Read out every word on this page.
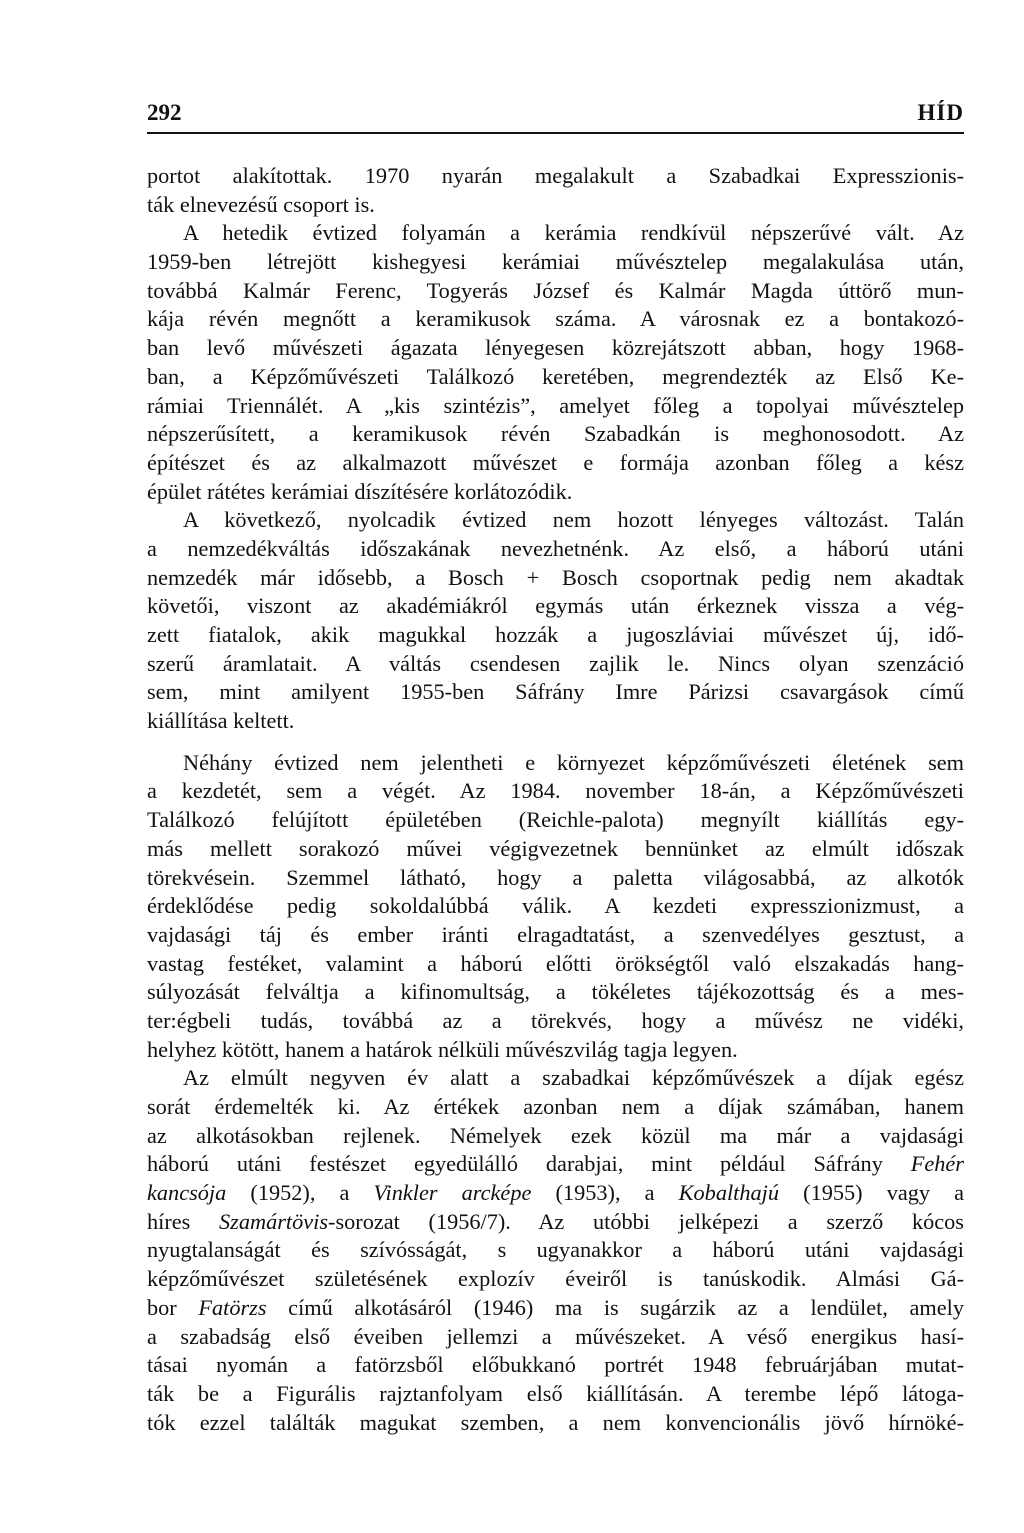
292	HÍD
portot alakítottak. 1970 nyarán megalakult a Szabadkai Expresszionis-
ták elnevezésű csoport is.
A hetedik évtized folyamán a kerámia rendkívül népszerűvé vált. Az
1959-ben létrejött kishegyesi kerámiai művésztelep megalakulása után,
továbbá Kalmár Ferenc, Togyerás József és Kalmár Magda úttörő mun-
kája révén megnőtt a keramikusok száma. A városnak ez a bontakozó-
ban levő művészeti ágazata lényegesen közrejátszott abban, hogy 1968-
ban, a Képzőművészeti Találkozó keretében, megrendezték az Első Ke-
rámiai Triennálét. A „kis szintézis”, amelyet főleg a topolyai művésztelep
népszerűsített, a keramikusok révén Szabadkán is meghonosodott. Az
építészet és az alkalmazott művészet e formája azonban főleg a kész
épület rátétes kerámiai díszítésére korlátozódik.
A következő, nyolcadik évtized nem hozott lényeges változást. Talán
a nemzedékváltás időszakának nevezhetnénk. Az első, a háború utáni
nemzedék már idősebb, a Bosch + Bosch csoportnak pedig nem akadtak
követői, viszont az akadémiákról egymás után érkeznek vissza a vég-
zett fiatalok, akik magukkal hozzák a jugoszláviai művészet új, idő-
szerű áramlatait. A váltás csendesen zajlik le. Nincs olyan szenzáció
sem, mint amilyent 1955-ben Sáfrány Imre Párizsi csavargások című
kiállítása keltett.
Néhány évtized nem jelentheti e környezet képzőművészeti életének sem
a kezdetét, sem a végét. Az 1984. november 18-án, a Képzőművészeti
Találkozó felújított épületében (Reichle-palota) megnyílt kiállítás egy-
más mellett sorakozó művei végigvezetnek bennünket az elmúlt időszak
törekvésein. Szemmel látható, hogy a paletta világosabbá, az alkotók
érdeklődése pedig sokoldalúbbá válik. A kezdeti expresszionizmust, a
vajdasági táj és ember iránti elragadtatást, a szenvedélyes gesztust, a
vastag festéket, valamint a háború előtti örökségtől való elszakadás hang-
súlyozását felváltja a kifinomultság, a tökéletes tájékozottság és a mes-
ter:égbeli tudás, továbbá az a törekvés, hogy a művész ne vidéki,
helyhez kötött, hanem a határok nélküli művészvilág tagja legyen.
Az elmúlt negyven év alatt a szabadkai képzőművészek a díjak egész
sorát érdemelték ki. Az értékek azonban nem a díjak számában, hanem
az alkotásokban rejlenek. Némelyek ezek közül ma már a vajdasági
háború utáni festészet egyedülálló darabjai, mint például Sáfrány Fehér
kancsója (1952), a Vinkler arcképe (1953), a Kobalthajú (1955) vagy a
híres Szamártövis-sorozat (1956/7). Az utóbbi jelképezi a szerző kócos
nyugtalanságát és szívósságát, s ugyanakkor a háború utáni vajdasági
képzőművészet születésének explozív éveiről is tanúskodik. Almási Gá-
bor Fatörzs című alkotásáról (1946) ma is sugárzik az a lendület, amely
a szabadság első éveiben jellemzi a művészeket. A véső energikus hasí-
tásai nyomán a fatörzsből előbukkanó portrét 1948 februárjában mutat-
ták be a Figurális rajztanfolyam első kiállításán. A terembe lépő látoga-
tók ezzel találták magukat szemben, a nem konvencionális jövő hírnöké-
